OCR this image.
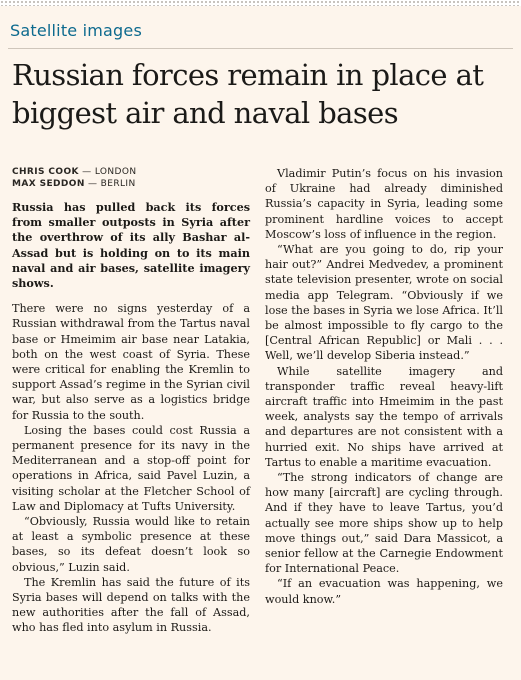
Satellite images
Russian forces remain in place at biggest air and naval bases
CHRIS COOK — LONDON
MAX SEDDON — BERLIN

Russia has pulled back its forces from smaller outposts in Syria after the overthrow of its ally Bashar al-Assad but is holding on to its main naval and air bases, satellite imagery shows.

There were no signs yesterday of a Russian withdrawal from the Tartus naval base or Hmeimim air base near Latakia, both on the west coast of Syria. These were critical for enabling the Kremlin to support Assad’s regime in the Syrian civil war, but also serve as a logistics bridge for Russia to the south.

Losing the bases could cost Russia a permanent presence for its navy in the Mediterranean and a stop-off point for operations in Africa, said Pavel Luzin, a visiting scholar at the Fletcher School of Law and Diplomacy at Tufts University.

“Obviously, Russia would like to retain at least a symbolic presence at these bases, so its defeat doesn’t look so obvious,” Luzin said.

The Kremlin has said the future of its Syria bases will depend on talks with the new authorities after the fall of Assad, who has fled into asylum in Russia.

Vladimir Putin’s focus on his invasion of Ukraine had already diminished Russia’s capacity in Syria, leading some prominent hardline voices to accept Moscow’s loss of influence in the region.

“What are you going to do, rip your hair out?” Andrei Medvedev, a prominent state television presenter, wrote on social media app Telegram. “Obviously if we lose the bases in Syria we lose Africa. It’ll be almost impossible to fly cargo to the [Central African Republic] or Mali . . . Well, we’ll develop Siberia instead.”

While satellite imagery and transponder traffic reveal heavy-lift aircraft traffic into Hmeimim in the past week, analysts say the tempo of arrivals and departures are not consistent with a hurried exit. No ships have arrived at Tartus to enable a maritime evacuation.

“The strong indicators of change are how many [aircraft] are cycling through. And if they have to leave Tartus, you’d actually see more ships show up to help move things out,” said Dara Massicot, a senior fellow at the Carnegie Endowment for International Peace.

“If an evacuation was happening, we would know.”
